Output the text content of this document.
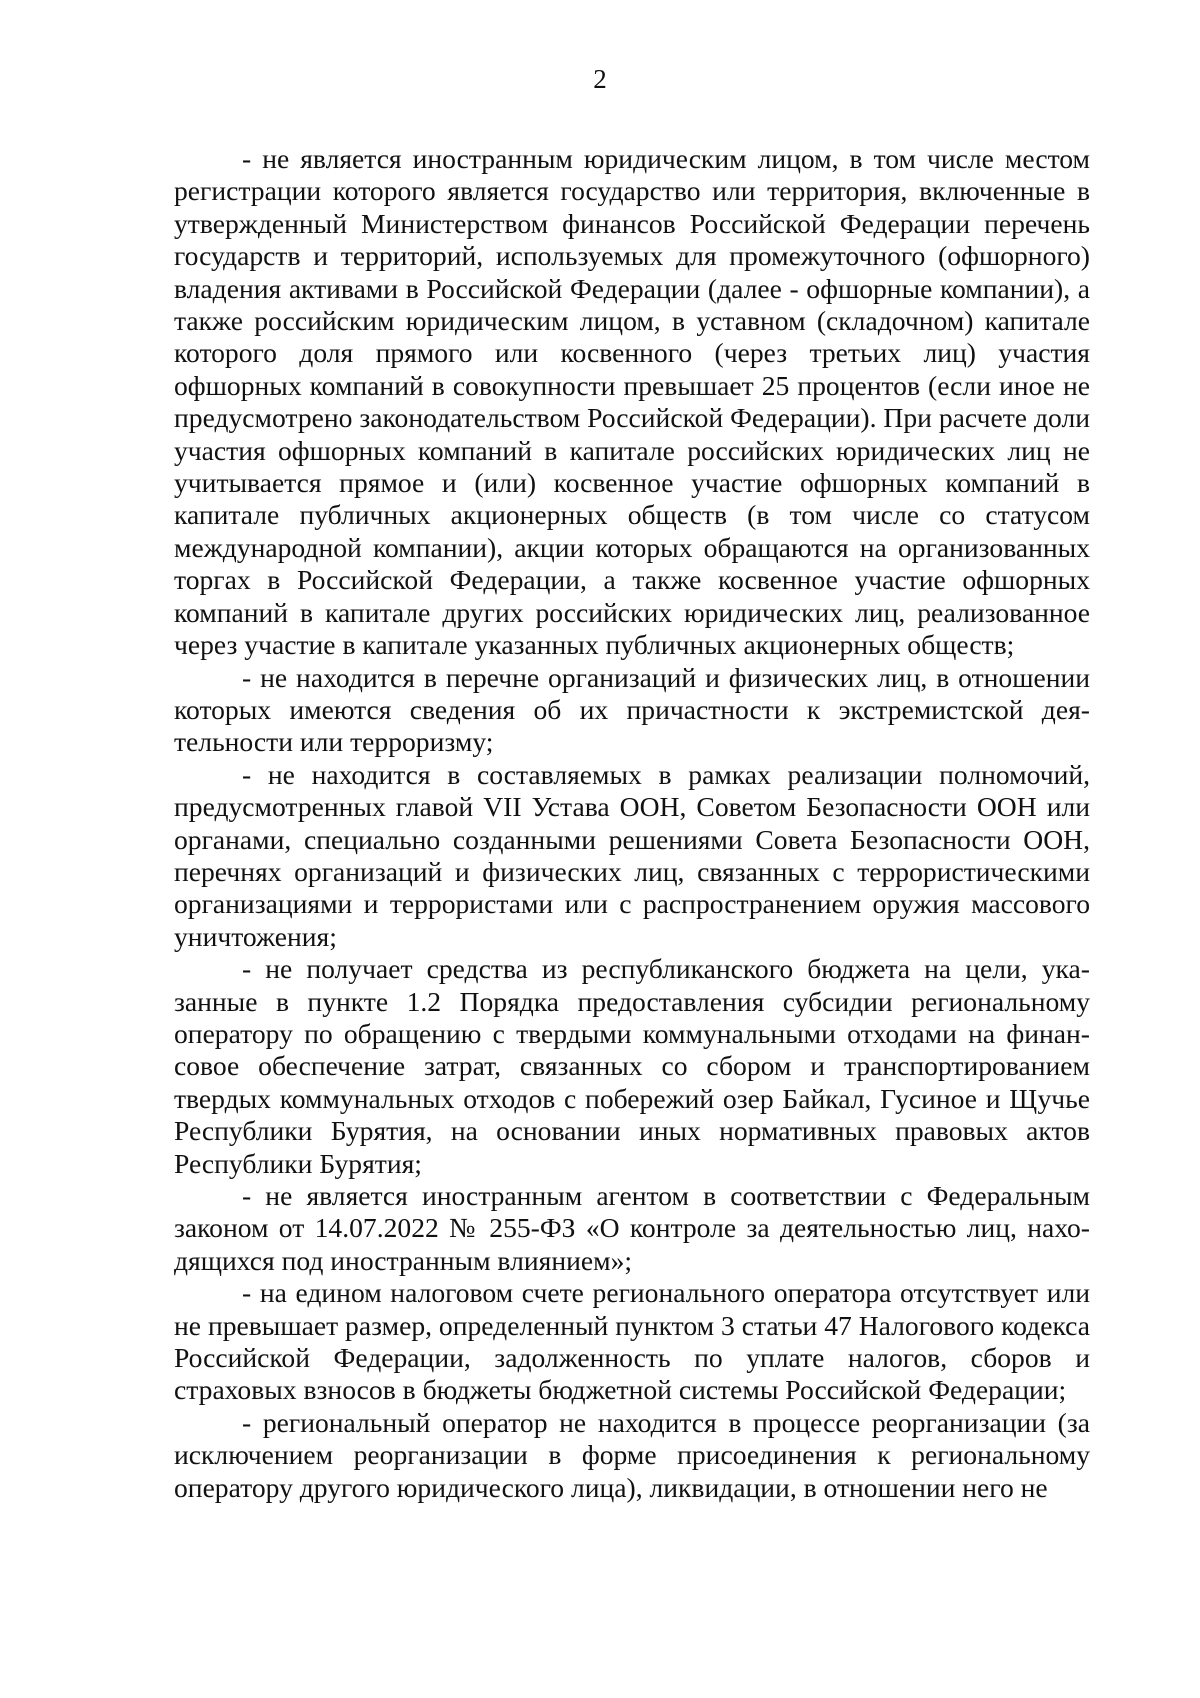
2

- не является иностранным юридическим лицом, в том числе местом регистрации которого является государство или территория, включенные в утвержденный Министерством финансов Российской Федерации перечень государств и территорий, используемых для промежуточного (офшорного) владения активами в Российской Федерации (далее - офшорные компании), а также российским юридическим лицом, в уставном (складочном) капитале которого доля прямого или косвенного (через третьих лиц) участия офшорных компаний в совокупности превышает 25 процентов (если иное не предусмотрено законодательством Российской Федерации). При расчете доли участия офшорных компаний в капитале российских юридических лиц не учитывается прямое и (или) косвенное участие офшорных компаний в капитале публичных акционерных обществ (в том числе со статусом международной компании), акции которых обращаются на организованных торгах в Российской Федерации, а также косвенное участие офшорных компаний в капитале других российских юридических лиц, реализованное через участие в капитале указанных публичных акционерных обществ;

- не находится в перечне организаций и физических лиц, в отношении которых имеются сведения об их причастности к экстремистской деятельности или терроризму;

- не находится в составляемых в рамках реализации полномочий, предусмотренных главой VII Устава ООН, Советом Безопасности ООН или органами, специально созданными решениями Совета Безопасности ООН, перечнях организаций и физических лиц, связанных с террористическими организациями и террористами или с распространением оружия массового уничтожения;

- не получает средства из республиканского бюджета на цели, указанные в пункте 1.2 Порядка предоставления субсидии региональному оператору по обращению с твердыми коммунальными отходами на финансовое обеспечение затрат, связанных со сбором и транспортированием твердых коммунальных отходов с побережий озер Байкал, Гусиное и Щучье Республики Бурятия, на основании иных нормативных правовых актов Республики Бурятия;

- не является иностранным агентом в соответствии с Федеральным законом от 14.07.2022 № 255-ФЗ «О контроле за деятельностью лиц, находящихся под иностранным влиянием»;

- на едином налоговом счете регионального оператора отсутствует или не превышает размер, определенный пунктом 3 статьи 47 Налогового кодекса Российской Федерации, задолженность по уплате налогов, сборов и страховых взносов в бюджеты бюджетной системы Российской Федерации;

- региональный оператор не находится в процессе реорганизации (за исключением реорганизации в форме присоединения к региональному оператору другого юридического лица), ликвидации, в отношении него не
